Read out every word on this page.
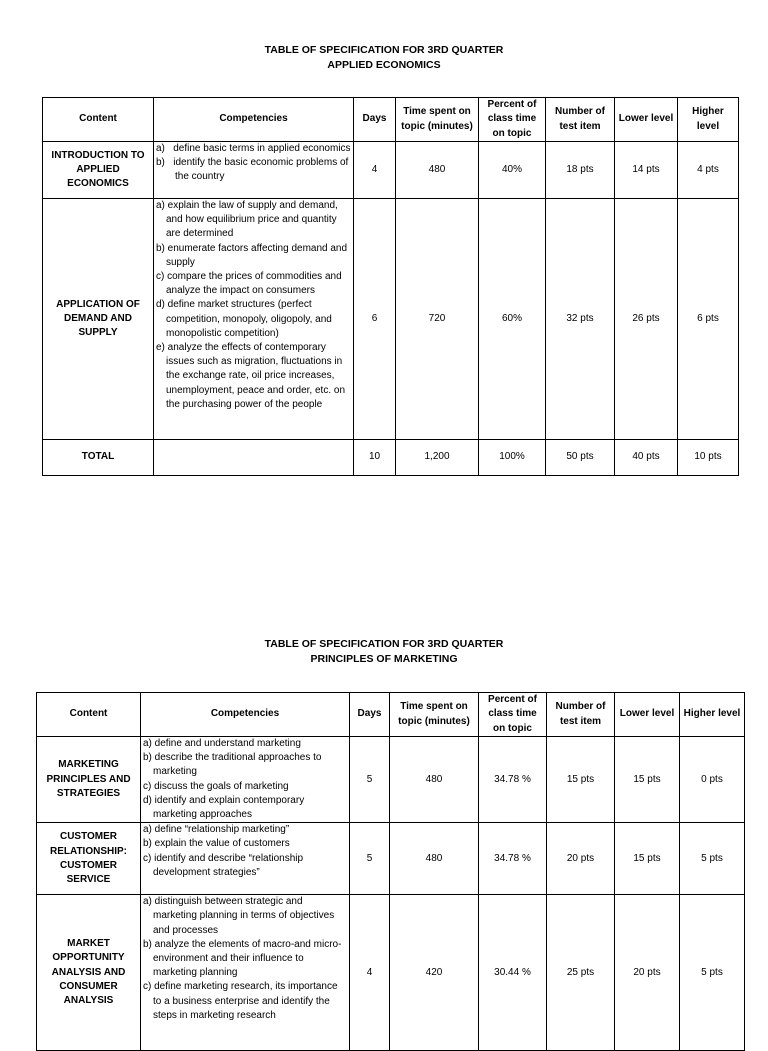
TABLE OF SPECIFICATION FOR 3RD QUARTER
APPLIED ECONOMICS
Content	Competencies	Days	Time spent on topic (minutes)	Percent of class time on topic	Number of test item	Lower level	Higher level
INTRODUCTION TO APPLIED ECONOMICS	a)   define basic terms in applied economics
b)   identify the basic economic problems of the country	4	480	40%	18 pts	14 pts	4 pts
APPLICATION OF DEMAND AND SUPPLY	a) explain the law of supply and demand, and how equilibrium price and quantity are determined
b) enumerate factors affecting demand and supply
c) compare the prices of commodities and analyze the impact on consumers
d) define market structures (perfect competition, monopoly, oligopoly, and monopolistic competition)
e) analyze the effects of contemporary issues such as migration, fluctuations in the exchange rate, oil price increases, unemployment, peace and order, etc. on the purchasing power of the people	6	720	60%	32 pts	26 pts	6 pts
TOTAL		10	1,200	100%	50 pts	40 pts	10 pts
TABLE OF SPECIFICATION FOR 3RD QUARTER
PRINCIPLES OF MARKETING
Content	Competencies	Days	Time spent on topic (minutes)	Percent of class time on topic	Number of test item	Lower level	Higher level
MARKETING PRINCIPLES AND STRATEGIES	a) define and understand marketing
b) describe the traditional approaches to marketing
c) discuss the goals of marketing
d) identify and explain contemporary marketing approaches	5	480	34.78 %	15 pts	15 pts	0 pts
CUSTOMER RELATIONSHIP: CUSTOMER SERVICE	a) define “relationship marketing”
b) explain the value of customers
c) identify and describe “relationship development strategies”	5	480	34.78 %	20 pts	15 pts	5 pts
MARKET OPPORTUNITY ANALYSIS AND CONSUMER ANALYSIS	a) distinguish between strategic and marketing planning in terms of objectives and processes
b) analyze the elements of macro-and micro-environment and their influence to marketing planning
c) define marketing research, its importance to a business enterprise and identify the steps in marketing research	4	420	30.44 %	25 pts	20 pts	5 pts
